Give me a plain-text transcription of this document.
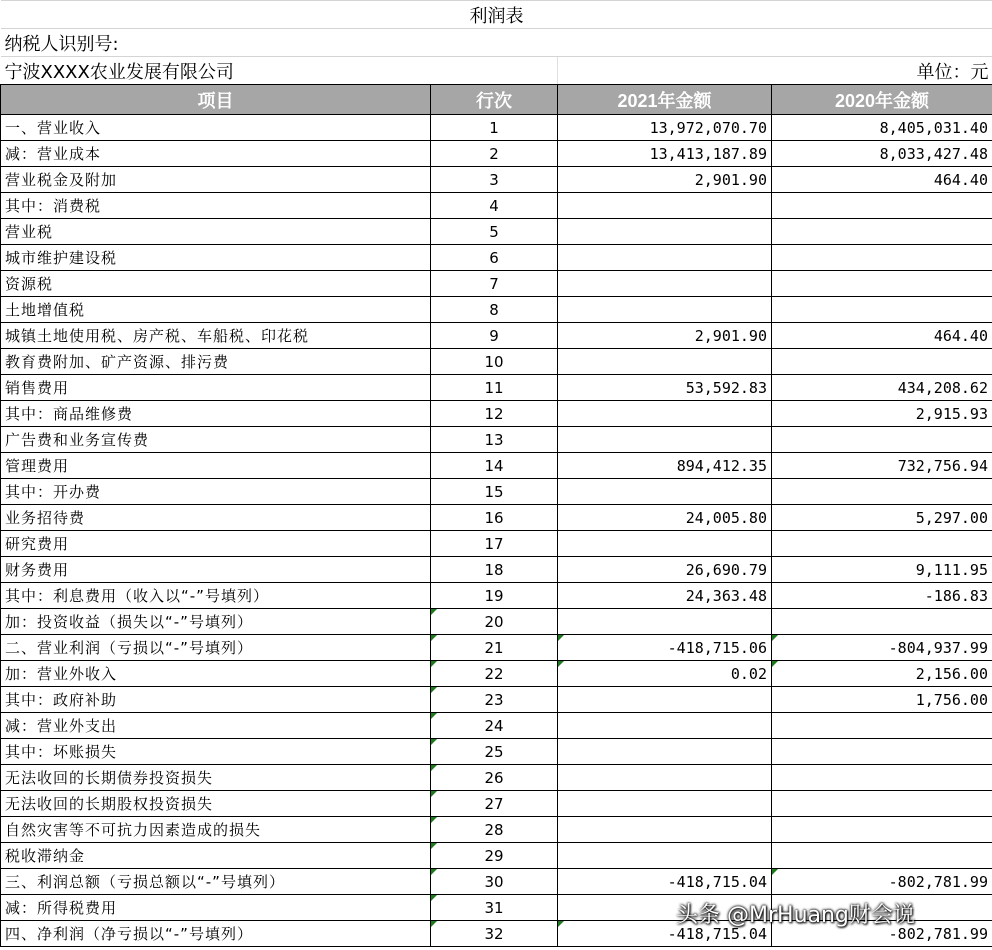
利润表			
纳税人识别号:			
宁波XXXX农业发展有限公司			单位：元
项目	行次	2021年金额	2020年金额
一、营业收入	1	13,972,070.70	8,405,031.40
减：营业成本	2	13,413,187.89	8,033,427.48
营业税金及附加	3	2,901.90	464.40
其中：消费税	4		
营业税	5		
城市维护建设税	6		
资源税	7		
土地增值税	8		
城镇土地使用税、房产税、车船税、印花税	9	2,901.90	464.40
教育费附加、矿产资源、排污费	10		
销售费用	11	53,592.83	434,208.62
其中：商品维修费	12		2,915.93
广告费和业务宣传费	13		
管理费用	14	894,412.35	732,756.94
其中：开办费	15		
业务招待费	16	24,005.80	5,297.00
研究费用	17		
财务费用	18	26,690.79	9,111.95
其中：利息费用（收入以“-”号填列）	19	24,363.48	-186.83
加：投资收益（损失以“-”号填列）	20

二、营业利润（亏损以“-”号填列）	21	-418,715.06	-804,937.99

加：营业外收入	22	0.02	2,156.00

其中：政府补助	23		1,756.00
减：营业外支出	24

其中：坏账损失	25

无法收回的长期债券投资损失	26

无法收回的长期股权投资损失	27

自然灾害等不可抗力因素造成的损失	28

税收滞纳金	29

三、利润总额（亏损总额以“-”号填列）	30	-418,715.04	-802,781.99

减：所得税费用	31

四、净利润（净亏损以“-”号填列）	32	-418,715.04	-802,781.99
头条 @MrHuang财会说
